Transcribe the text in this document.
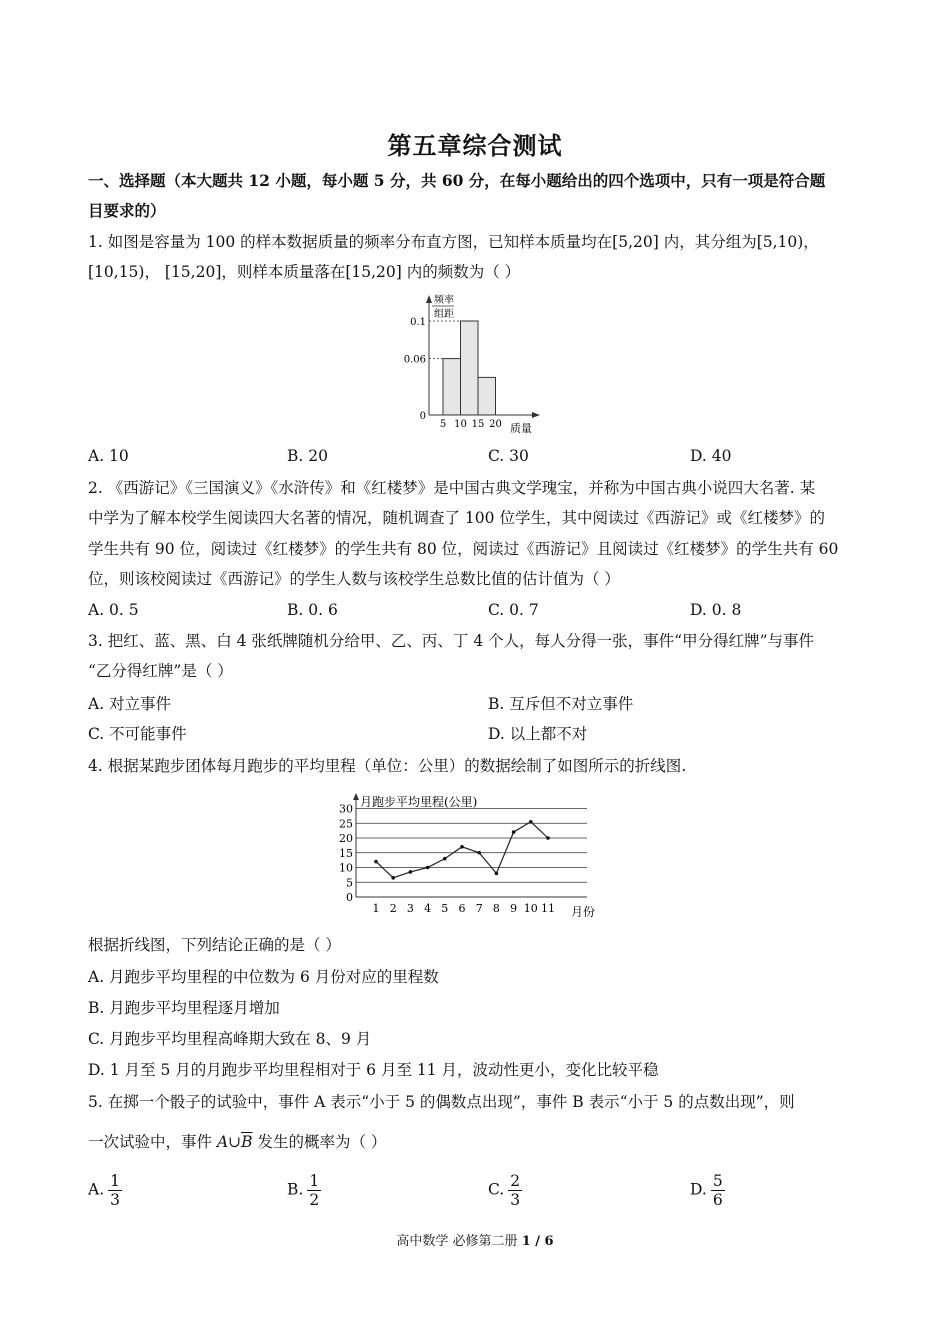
第五章综合测试
一、选择题（本大题共 12 小题，每小题 5 分，共 60 分，在每小题给出的四个选项中，只有一项是符合题
目要求的）
1. 如图是容量为 100 的样本数据质量的频率分布直方图，已知样本质量均在[5,20] 内，其分组为[5,10)，
[10,15)， [15,20]，则样本质量落在[15,20] 内的频数为（ ）
频率
组距
0.1
0.06
0
5 10 15 20 质量
A. 10	B. 20	C. 30	D. 40
2. 《西游记》《三国演义》《水浒传》和《红楼梦》是中国古典文学瑰宝，并称为中国古典小说四大名著. 某
中学为了解本校学生阅读四大名著的情况，随机调查了 100 位学生，其中阅读过《西游记》或《红楼梦》的
学生共有 90 位，阅读过《红楼梦》的学生共有 80 位，阅读过《西游记》且阅读过《红楼梦》的学生共有 60
位，则该校阅读过《西游记》的学生人数与该校学生总数比值的估计值为（ ）
A. 0. 5	B. 0. 6	C. 0. 7	D. 0. 8
3. 把红、蓝、黑、白 4 张纸牌随机分给甲、乙、丙、丁 4 个人，每人分得一张，事件“甲分得红牌”与事件
“乙分得红牌”是（ ）
A. 对立事件	B. 互斥但不对立事件
C. 不可能事件	D. 以上都不对
4. 根据某跑步团体每月跑步的平均里程（单位：公里）的数据绘制了如图所示的折线图.
月跑步平均里程(公里)
0
5
10
15
20
25
30
1 2 3 4 5 6 7 8 9 10 11 月份
根据折线图，下列结论正确的是（ ）
A. 月跑步平均里程的中位数为 6 月份对应的里程数
B. 月跑步平均里程逐月增加
C. 月跑步平均里程高峰期大致在 8、9 月
D. 1 月至 5 月的月跑步平均里程相对于 6 月至 11 月，波动性更小，变化比较平稳
5. 在掷一个骰子的试验中，事件 A 表示“小于 5 的偶数点出现”，事件 B 表示“小于 5 的点数出现”，则
一次试验中，事件 $A\cup\overline{B}$ 发生的概率为（ ）
A. $\frac{1}{3}$	B. $\frac{1}{2}$	C. $\frac{2}{3}$	D. $\frac{5}{6}$
高中数学 必修第二册 1 / 6
